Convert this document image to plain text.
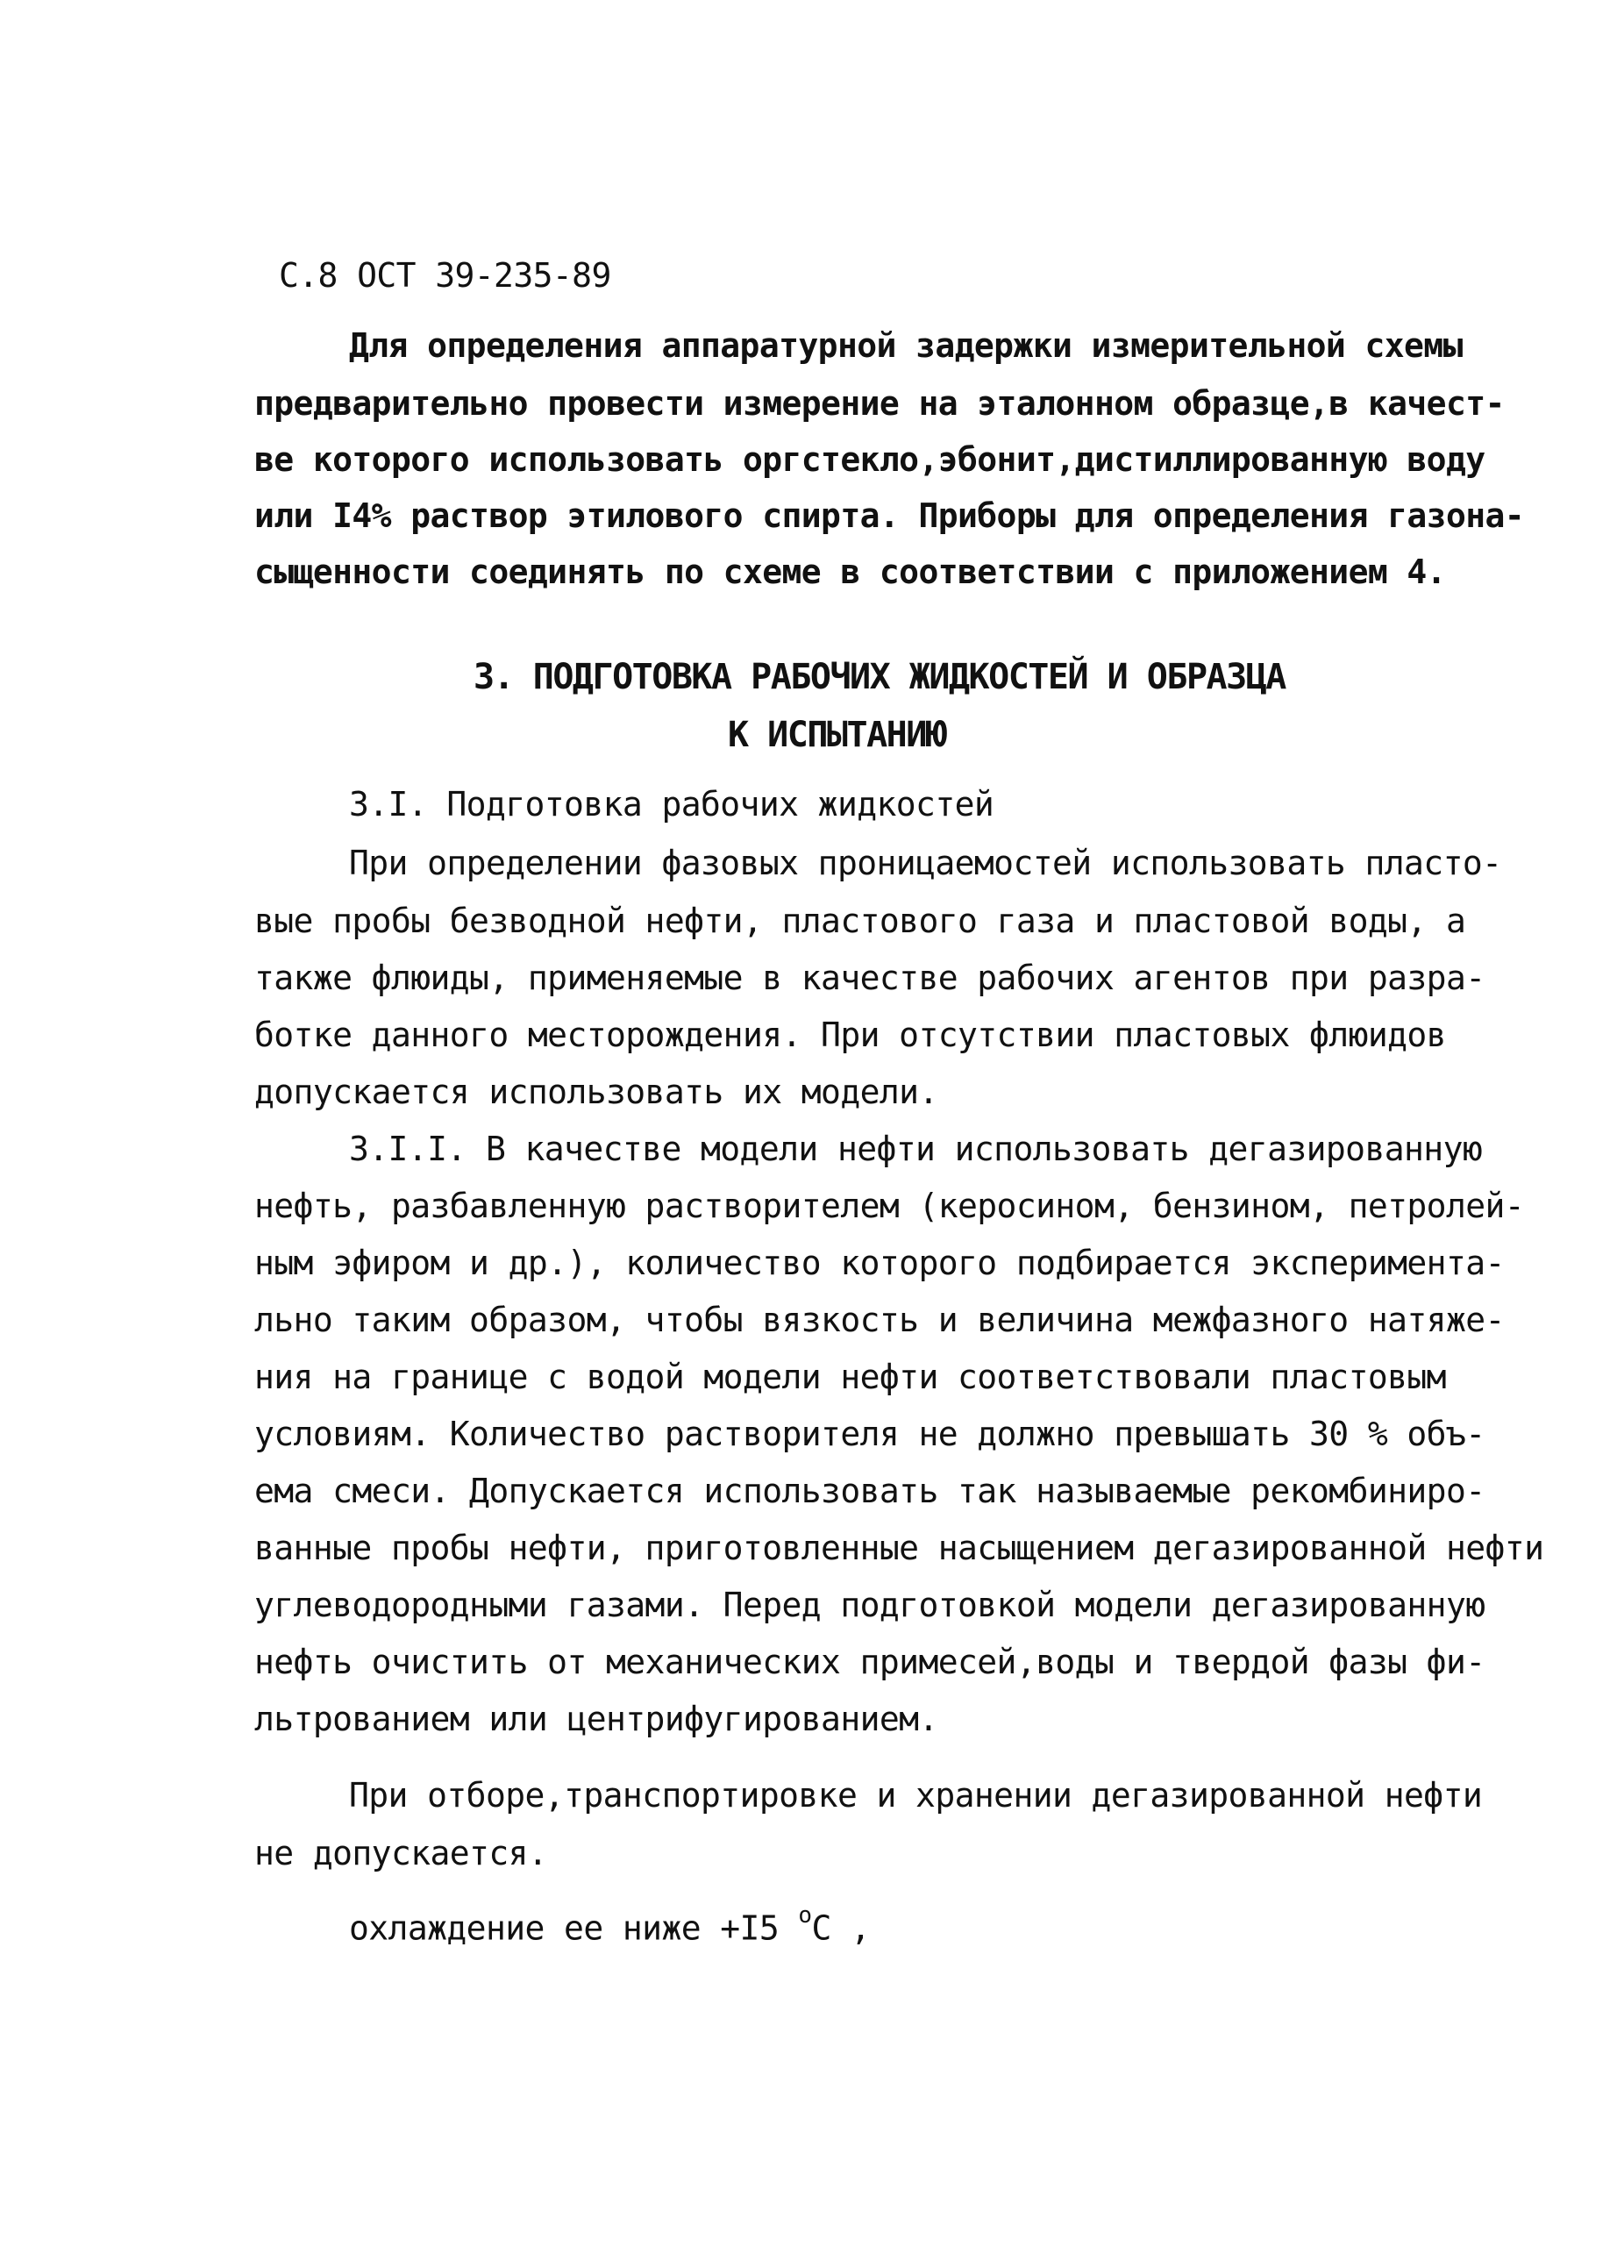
С.8 ОСТ 39-235-89
Для определения аппаратурной задержки измерительной схемы
предварительно провести измерение на эталонном образце,в качест-
ве которого использовать оргстекло,эбонит,дистиллированную воду
или I4% раствор этилового спирта. Приборы для определения газона-
сыщенности соединять по схеме в соответствии с приложением 4.
3. ПОДГОТОВКА РАБОЧИХ ЖИДКОСТЕЙ И ОБРАЗЦА
К ИСПЫТАНИЮ
3.I. Подготовка рабочих жидкостей
При определении фазовых проницаемостей использовать пласто-
вые пробы безводной нефти, пластового газа и пластовой воды, а
также флюиды, применяемые в качестве рабочих агентов при разра-
ботке данного месторождения. При отсутствии пластовых флюидов
допускается использовать их модели.
3.I.I. В качестве модели нефти использовать дегазированную
нефть, разбавленную растворителем (керосином, бензином, петролей-
ным эфиром и др.), количество которого подбирается эксперимента-
льно таким образом, чтобы вязкость и величина межфазного натяже-
ния на границе с водой модели нефти соответствовали пластовым
условиям. Количество растворителя не должно превышать 30 % объ-
ема смеси. Допускается использовать так называемые рекомбиниро-
ванные пробы нефти, приготовленные насыщением дегазированной нефти
углеводородными газами. Перед подготовкой модели дегазированную
нефть очистить от механических примесей,воды и твердой фазы фи-
льтрованием или центрифугированием.
При отборе,транспортировке и хранении дегазированной нефти
не допускается.
охлаждение ее ниже +I5 $^о$С ,
